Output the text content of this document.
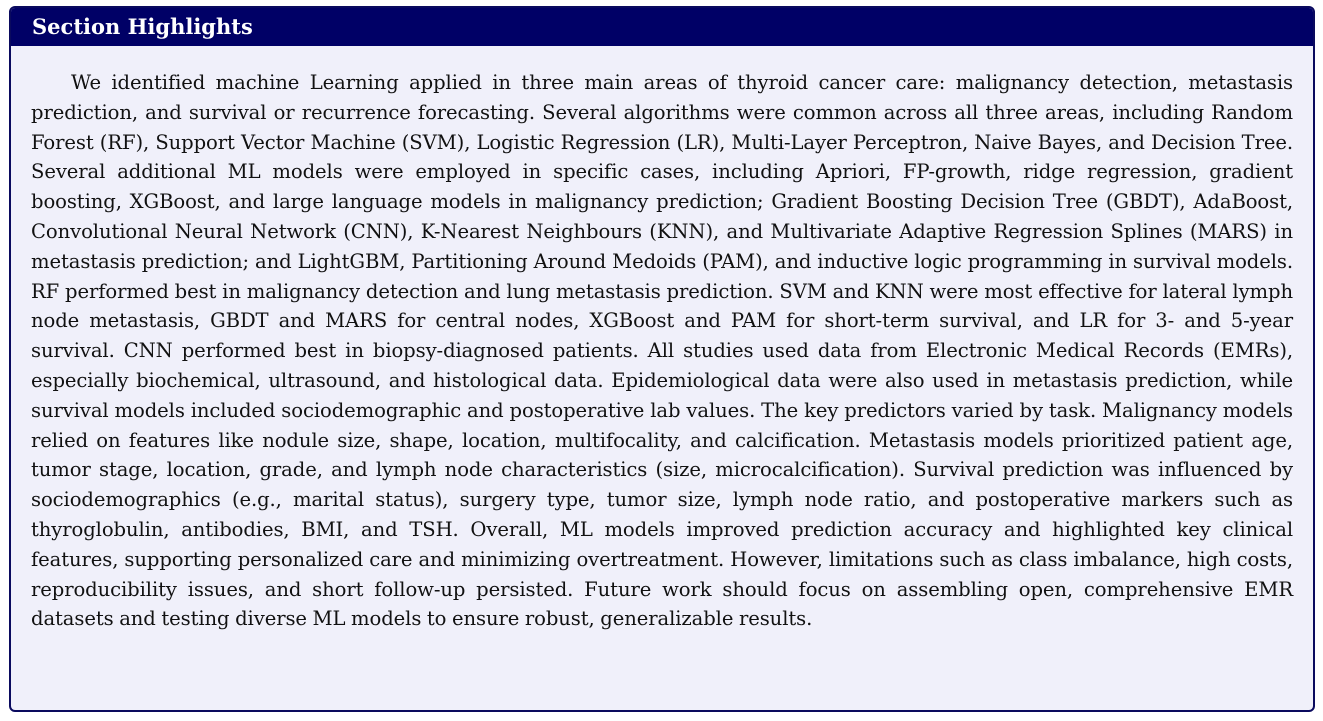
Section Highlights

We identified machine Learning applied in three main areas of thyroid cancer care: malignancy detection, metastasis prediction, and survival or recurrence forecasting. Several algorithms were common across all three areas, including Random Forest (RF), Support Vector Machine (SVM), Logistic Regression (LR), Multi-Layer Perceptron, Naive Bayes, and Decision Tree. Several additional ML models were employed in specific cases, including Apriori, FP-growth, ridge regression, gradient boosting, XGBoost, and large language models in malignancy prediction; Gradient Boosting Decision Tree (GBDT), AdaBoost, Convolutional Neural Network (CNN), K-Nearest Neighbours (KNN), and Multivariate Adaptive Regression Splines (MARS) in metastasis prediction; and LightGBM, Partitioning Around Medoids (PAM), and inductive logic programming in survival models. RF performed best in malignancy detection and lung metastasis prediction. SVM and KNN were most effective for lateral lymph node metastasis, GBDT and MARS for central nodes, XGBoost and PAM for short-term survival, and LR for 3- and 5-year survival. CNN performed best in biopsy-diagnosed patients. All studies used data from Electronic Medical Records (EMRs), especially biochemical, ultrasound, and histological data. Epidemiological data were also used in metastasis prediction, while survival models included sociodemographic and postoperative lab values. The key predictors varied by task. Malignancy models relied on features like nodule size, shape, location, multifocality, and calcification. Metastasis models prioritized patient age, tumor stage, location, grade, and lymph node characteristics (size, microcalcification). Survival prediction was influenced by sociodemographics (e.g., marital status), surgery type, tumor size, lymph node ratio, and postoperative markers such as thyroglobulin, antibodies, BMI, and TSH. Overall, ML models improved prediction accuracy and highlighted key clinical features, supporting personalized care and minimizing overtreatment. However, limitations such as class imbalance, high costs, reproducibility issues, and short follow-up persisted. Future work should focus on assembling open, comprehensive EMR datasets and testing diverse ML models to ensure robust, generalizable results.
